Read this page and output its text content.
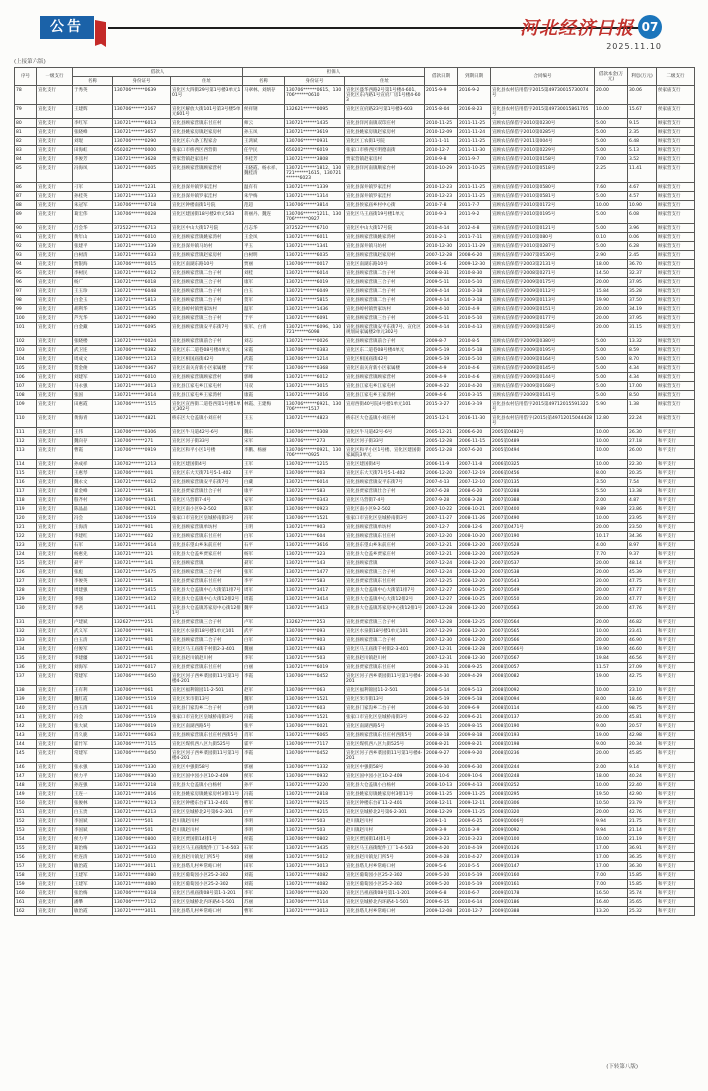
公告	河北经济日报 07
2025.11.10
(上接第六版)
序号	一级支行	借款人			担保人			借款日期	到期日期	合同编号	借款本金(万元)	利息(万元)	二级支行
		名称	身份证号	住址	名称	身份证号	住址						
78	宣化支行	于秀英	130706******0639	宣化区大四街29号第1号楼3单元101号	马翠林、刘炳存	130706******0615、130706******0610	宣化区盛华西路2号第1号楼4-601、宣化区东内路1号宣府厂房1号楼4-603	2015-9-9	2016-9-2	宣化县农村信用借字2015第49730015730074号	20.00	30.06	侯家庙支行
79	宣化支行	王建辉	130706******2167	宣化区解放大街101号第3号楼5单元601号	侯祥钢	132621******0095	宣化区宣府路23号第1号楼3-603	2015-8-04	2016-8-23	宣化县农村信用借字2015第49730015861705号	10.00	15.67	侯家庙支行
80	宣化支行	李红军	130721******6013	宣化县顾家营镇东甘庄村	师云	130721******1435	宣化县洋河南镇双印庄村	2010-11-25	2011-11-25	宣顾农信保借字2010第0230号	5.00	9.15	顾家营支行
81	宣化支行	张晓峰	130721******3657	宣化县姚家房镇赵家房村	孙玉凤	130721******3619	宣化县姚家房镇赵家房村	2010-12-09	2011-11-24	宣顾农信保借字2010第0285号	5.00	2.35	顾家营支行
82	宣化支行	刘琨	130706******0290	宣化区东六条工程家舍	王鸿斌	130706******0931	宣化区工农街1号院	2011-1-11	2011-11-25	宣顾农信保借字2011第004号	5.00	6.48	顾家营支行
83	宣化支行	田海虹	650202******0000	张家口市桥西区西营街	任学民	650202******6019	张家口市桥西区明德南街	2010-12-7	2011-11-30	宣顾农信保借字2010第0229号	5.00	5.13	顾家营支行
84	宣化支行	李俊芳	130721******3628	贾家营镇赵家房村	李桂芳	130721******3808	贾家营镇赵家房村	2010-9-8	2011-9-7	宣顾农信保借字2010第0158号	7.00	3.52	顾家营支行
85	宣化支行	冯海凤	130721******6005	宣化县顾家营镇顾家营村	王晓霞、杨永祥、魏桂清	130721******1812、130721******1615、130721******6023	宣化县洋河南镇顺家台村	2010-10-29	2011-10-25	宣顾农信保借字2010第0518号	2.25	11.41	顾家营支行
86	宣化支行	刁军	130721******1231	宣化县深井镇罗家洼村	温有有	130721******1339	宣化县深井镇罗家洼村	2010-12-23	2011-11-25	宣顾农信保借字2010第0580号	7.60	4.67	顾家营支行
87	宣化支行	孙桂英	130721******1333	宣化县深井镇罗家洼村	朱学梅	130721******1314	宣化县深井镇罗家洼村	2010-12-23	2011-11-25	宣顾农信保借字2010第0581号	5.00	4.57	顾家营支行
88	宣化支行	朱冠军	130706******0718	宣化区钟楼南街1号院	范超	130706******3814	宣化县侯家庙乡村中心街	2010-7-8	2011-7-7	宣顾农信保借字2010第0172号	10.00	10.90	顾家营支行
89	宣化支行	葛宏伟	130706******0028	宣化区建国街18号楼2单元503	蒋丽丹、魏连	130706******1211、130706******0927	宣化区马王庙街19号楼1单元	2010-9-3	2011-9-2	宣顾农信保借字2010第0195号	5.00	6.08	顾家营支行
90	宣化支行	吕会华	372522******6713	宣化区中山大街17号院	吕志华	372522******6710	宣化区中山大街17号院	2010-4-14	2012-4-8	宣顾农信保借字2010第0121号	5.00	3.96	顾家营支行
91	宣化支行	黄年山	130721******6010	宣化县顾家营镇姚家湾村	王金凤	130721******6011	宣化县顾家营镇姚家湾村	2010-2-1	2011-7-11	宣顾农信保借字2010第080号	0.10	0.06	顾家营支行
92	宣化支行	张建平	130721******1339	宣化县深井镇马坊村	平玉	130721******1341	宣化县深井镇马坊村	2010-12-30	2011-11-29	宣顾农信保借字2010第0287号	5.00	6.28	顾家营支行
93	宣化支行	白树清	130721******6033	宣化县顾家营镇赵家房村	白树明	130721******6035	宣化县顾家营镇赵家房村	2007-12-28	2008-6-20	宣顾农信保借字2007第0530号	2.90	2.45	顾家营支行
94	宣化支行	贾银海	130706******0015	宣化区南湖东路10号	贾丽	130706******0017	宣化区南湖东路10号	2009-1-6	2009-12-30	宣顾农信保借字2003第2131号	18.00	36.70	顾家营支行
95	宣化支行	李树民	130721******6012	宣化县顾家营镇二台子村	刘桂	130721******6014	宣化县顾家营镇二台子村	2008-8-31	2010-8-30	宣顾农信保借字2008第0271号	14.50	32.37	顾家营支行
96	宣化支行	杨广	130721******6018	宣化县顾家营镇三合子村	康军	130721******6019	宣化县顾家营镇三合子村	2009-5-11	2010-5-10	宣顾农信保借字2009第0175号	20.00	37.95	顾家营支行
97	宣化支行	王玉珍	130721******6048	宣化县顾家营镇二台子村	白玉	130721******6049	宣化县顾家营镇二台子村	2009-4-14	2010-3-18	宣顾农信保借字2009第0112号	15.84	35.28	顾家营支行
98	宣化支行	白金玉	130721******5813	宣化县顾家营镇二台子村	贺军	130721******5815	宣化县顾家营镇二台子村	2009-4-14	2010-3-18	宣顾农信保借字2009第0113号	19.90	37.50	顾家营支行
99	宣化支行	胡利华	130721******1435	宣化县崞村镇贾家坊村	温军	130721******1436	宣化县崞村镇贾家坊村	2009-4-10	2010-4-9	宣顾农信保借字2009第0151号	20.00	34.19	顾家营支行
100	宣化支行	芦光华	130721******6090	宣化县顾家营镇三台子村	于平	130721******6091	宣化县顾家营镇三台子村	2009-5-11	2010-5-10	宣顾农信保借字2009第0177号	20.00	37.95	顾家营支行
101	宣化支行	白金藏	130721******6095	宣化县顾家营镇安平东街7号	张军、白青	130721******6096、130721******6098	宣化县顾家营镇安平东街7号、宣化区规划局家属楼2单元302号	2009-4-14	2010-4-13	宣顾农信保借字2009第0158号	20.00	31.15	顾家营支行
102	宣化支行	张晓楼	130721******0024	宣化县顾家营镇前合子村	刘志	130721******0026	宣化县顾家营镇前合子村	2009-8-7	2010-8-5	宣顾农信保借字2009第0380号	5.00	13.32	顾家营支行
103	宣化支行	武卫连	130706******0382	宣化区东二道巷08号楼4单元	宋霞	130706******0383	宣化区东二道巷08号楼4单元	2009-5-19	2010-5-18	宣顾农信保借字2009第0195号	5.00	8.59	顾家营支行
104	宣化支行	周成文	130706******1213	宣化区相国庙街42号	武霞	130706******1214	宣化区相国庙街42号	2009-5-19	2010-5-10	宣顾农信保借字2009第0164号	5.00	8.70	顾家营支行
105	宣化支行	贺金俊	130706******0367	宣化区南关育新小区家属楼	于军	130706******0368	宣化区南关育新小区家属楼	2009-4-9	2010-4-6	宣顾农信保借字2009第0145号	5.00	4.34	顾家营支行
106	宣化支行	刘建军	130721******6010	宣化县顾家营镇顾家营村	郭峰	130721******6012	宣化县顾家营镇顾家营村	2009-4-9	2010-4-6	宣顾农信保借字2009第0144号	5.00	4.34	顾家营支行
107	宣化支行	马永强	130721******3013	宣化县江家屯乡江家屯村	马双	130721******3015	宣化县江家屯乡江家屯村	2009-4-22	2010-4-20	宣顾农信保借字2009第0168号	5.00	17.00	顾家营支行
108	宣化支行	张国	130721******3014	宣化县江家屯乡王家湾村	康霞	130721******3016	宣化县江家屯乡王家湾村	2009-4-6	2010-3-15	宣顾农信保借字2009第0141号	5.00	8.50	顾家营支行
109	宣化支行	田惠霞	130706******1515	宣化区宣西街二道巷西第1号楼1单元302号	林霞、王建梅	130706******6921、130706******1517	宣府西街40号院4号楼1单元101	2015-3-27	2016-3-19	宣化县农村信用借字2015第49712015591322号	5.90	1.38	顾家营支行
110	宣化支行	黄海青	130721******4821	桥东区大仓盖镇小刘庄村	王玉	130721******4823	桥东区大仓盖镇小刘庄村	2015-12-1	2016-11-30	宣化县农村信用借字(2015)第49712015044428号	12.80	22.24	顾家营支行
111	宣化支行	王伟	130706******0306	宣化区牛马道42号-6号	魏东	130706******0308	宣化区牛马道42号-6号	2005-12-21	2006-6-20	2005第0482号	10.00	26.30	和平支行
112	宣化支行	魏向存	130706******271	宣化区河子街33号	宋军	130706******273	宣化区河子街33号	2005-12-28	2006-11-15	2005第0489	10.00	27.18	和平支行
113	宣化支行	曹霞	130706******0919	宣化区和平小区1号楼	李鹏、杨丽	130706******0921、130706******0925	宣化区和平小区1号楼、宣化区建国街家属院3单元	2005-12-28	2007-6-20	2005第0494	10.00	26.00	和平支行
114	宣化支行	孙成祥	130702******1213	宣化区建国街4号	王军	130702******1215	宣化区建国街4号	2006-11-9	2007-11-8	2006第0325	10.00	22.30	和平支行
115	宣化支行	王惠琴	130706******001	宣化区东大天街71号5-1-402	王平	130706******003	宣化区东大天街71号5-1-402	2006-12-20	2007-12-19	2006第0456	8.00	20.35	和平支行
116	宣化支行	魏永文	130721******6012	宣化县顾家营镇安平东街7号	白藏	130721******6014	宣化县顾家营镇安平东街7号	2007-4-13	2007-12-10	2007第0135	3.50	7.54	和平支行
117	宣化支行	翟金峰	130721******581	宣化县贾家营镇仕合子村	康平	130721******583	宣化县贾家营镇仕合子村	2007-6-28	2008-6-20	2007第0288	5.50	13.38	和平支行
118	宣化支行	殷齐村	130706******0341	宣化区马营街7-4号	安军	130706******0343	宣化区马营街7-4号	2007-9-28	2008-3-28	2007第0388	2.00	4.87	和平支行
119	宣化支行	陈晶晶	130706******0921	宣化区南小区9-2-502	陈军	130706******0923	宣化区南小区9-2-502	2007-10-22	2008-10-21	2007第0400	9.89	23.86	和平支行
120	宣化支行	冯会	130706******1519	张家口市宣化区皇城桥南街3号	冯军	130706******1521	张家口市宣化区皇城桥南街3号	2007-11-27	2008-11-26	2007第0490	10.00	23.95	和平支行
121	宣化支行	王海清	130721******901	宣化县顾家营镇单坊村	王明	130721******903	宣化县顾家营镇单坊村	2007-12-7	2008-12-6	2007第0471号	20.00	23.50	和平支行
122	宣化支行	李建红	130721******602	宣化县顾家营镇东甘庄村	白军	130721******604	宣化县顾家营镇东甘庄村	2007-12-20	2008-10-20	2007第0190	10.17	34.36	和平支行
123	宣化支行	石军	130721******3614	宣化县东望山乡朱前庄村	石平	130721******3616	宣化县东望山乡朱前庄村	2007-12-21	2008-12-20	2007第0528	4.00	8.97	和平支行
124	宣化支行	杨惠先	130721******321	宣化县大仓盖乡贾家庄村	杨军	130721******323	宣化县大仓盖乡贾家庄村	2007-12-21	2008-12-20	2007第0529	7.70	9.37	和平支行
125	宣化支行	聂平	130721******141	宣化县顾家营镇	聂军	130721******143	宣化县顾家营镇	2007-12-24	2008-12-20	2007第0537	20.00	48.14	和平支行
126	宣化支行	张彪	130721******1475	宣化县顾家营镇三合子村	张军	130721******1477	宣化县顾家营镇三合子村	2007-12-24	2008-12-20	2007第0538	20.00	45.39	和平支行
127	宣化支行	李俊英	130721******581	宣化县贾家营镇东甘庄村	李平	130721******583	宣化县贾家营镇东甘庄村	2007-12-25	2008-12-20	2007第0543	20.00	47.75	和平支行
128	宣化支行	周建强	130721******3415	宣化县大仓盖镇中心大街第1排7号	周军	130721******3417	宣化县大仓盖镇中心大街第1排7号	2007-12-27	2008-10-25	2007第0549	20.00	47.77	和平支行
129	宣化支行	李强	130721******3412	宣化县大仓盖镇中心大街12排2号	周霞	130721******3414	宣化县大仓盖镇中心大街12排2号	2007-12-27	2008-10-25	2007第0550	20.00	47.77	和平支行
130	宣化支行	李君	130721******3411	宣化县大仓盖镇苏家房中心街12排1号	魏平	130721******3413	宣化县大仓盖镇苏家房中心街12排1号	2007-12-28	2008-12-20	2007第0563	20.00	47.76	和平支行
131	宣化支行	卢建斌	132627******251	宣化县贾家营镇三合子村	卢军	132627******253	宣化县贾家营镇三合子村	2007-12-28	2008-12-25	2007第0564	20.00	46.82	和平支行
132	宣化支行	武义军	130706******091	宣化区水泉街18号楼1单元101	武平	130706******093	宣化区水泉街18号楼1单元101	2007-12-29	2008-12-20	2007第0565	10.00	23.41	和平支行
133	宣化支行	白玉清	130721******901	宣化县顾家营镇二合子村	白军	130721******903	宣化县顾家营镇二合子村	2007-12-30	2008-12-20	2007第0566	20.00	46.90	和平支行
134	宣化支行	付俊军	130721******481	宣化区马王庙街千村街2-3-401	魏丽	130721******483	宣化区马王庙街千村街2-3-401	2007-12-31	2008-12-28	2007第0566号	19.90	46.60	和平支行
135	宣化支行	李建疆	130721******501	宣化县赵川镇赵川村	李军	130721******503	宣化县赵川镇赵川村	2007-12-31	2008-12-30	2007第0567	19.84	46.56	和平支行
136	宣化支行	刘海军	130721******6017	宣化县贾家营镇东甘庄村	白丽	130721******6019	宣化县贾家营镇东甘庄村	2008-3-31	2008-9-25	2008第0057	11.57	27.09	和平支行
137	宣化支行	常建军	130706******0450	宣化区河子西乡菜园街11号第1号楼4-201	李霞	130706******0452	宣化区河子西乡菜园街11号第1号楼4-201	2008-4-30	2009-4-29	2008第0082	19.00	42.75	和平支行
138	宣化支行	王有利	130706******061	宣化区福利锦园11-2-501	赵军	130706******063	宣化区福利锦园11-2-501	2008-5-14	2009-5-13	2008第0092	10.00	23.10	和平支行
139	宣化支行	魏红霞	130706******1519	宣化区米市街13号	魏军	130706******1521	宣化区米市街13号	2008-5-19	2009-5-18	2008第0094	8.00	18.46	和平支行
140	宣化支行	白玉清	130721******601	宣化县门家沟乡二台子村	白明	130721******603	宣化县门家沟乡二台子村	2008-6-10	2009-6-9	2008第0114	43.00	98.75	和平支行
141	宣化支行	冯会	130706******1519	张家口市宣化区皇城桥南街3号	冯霞	130706******1521	张家口市宣化区皇城桥南街3号	2008-6-22	2009-6-21	2008第0137	20.00	45.81	和平支行
142	宣化支行	张大斌	130706******0019	宣化区南湖西路5号	张平	130706******0021	宣化区南湖西路5号	2008-8-15	2009-8-15	2008第0190	9.00	20.57	和平支行
143	宣化支行	肖久鹿	130721******6063	宣化县顾家营镇东甘庄村西街5号	肖军	130721******6065	宣化县顾家营镇东甘庄村西街5号	2008-8-18	2009-8-18	2008第0193	19.00	42.98	和平支行
144	宣化支行	霍竹军	130706******7115	宣化区煤机西八区九街525号	霍平	130706******7117	宣化区煤机西八区九街525号	2008-8-21	2009-8-21	2008第0198	9.00	20.34	和平支行
145	宣化支行	常建军	130706******0450	宣化区河子西乡菜园街11号第1号楼4-201	李霞	130706******0452	宣化区河子西乡菜园街11号第1号楼4-201	2008-9-27	2009-9-20	2008第0236	20.00	45.85	和平支行
146	宣化支行	张永强	130706******1330	宣化区中强街58号	郭丽	130706******1332	宣化区中强街58号	2008-9-30	2009-6-30	2008第0244	2.00	9.14	和平支行
147	宣化支行	侯力平	130706******0930	宣化区国中园小区10-2-409	侯军	130706******0932	宣化区国中园小区10-2-409	2008-10-6	2009-10-6	2008第0248	18.00	40.24	和平支行
148	宣化支行	孙连强	130721******3218	宣化县大仓盖镇小白杨村	孙平	130721******3220	宣化县大仓盖镇小白杨村	2008-10-13	2009-4-13	2008第0252	10.00	22.40	和平支行
149	宣化支行	王连一	130721******2816	宣化县姚家房镇姚家房村3排11号	冯霞	130721******2818	宣化县姚家房镇姚家房村3排11号	2008-11-25	2009-11-25	2008第0295	19.50	42.90	和平支行
150	宣化支行	张俊林	130721******9213	宣化区钟楼东台矿11-2-401	曹军	130721******9215	宣化区钟楼东台矿11-2-401	2008-12-11	2009-12-11	2008第0306	10.50	23.79	和平支行
151	宣化支行	白玉贵	130721******4213	宣化区皇城桥北2号第6-2-301	白平	130721******4215	宣化区皇城桥北2号第6-2-301	2008-12-29	2009-11-25	2008第0320	20.00	42.76	和平支行
152	宣化支行	李国斌	130721******501	赵川镇赵川村	李明	130721******503	赵川镇赵川村	2009-1-1	2009-6-25	2009第0006号	9.94	21.75	和平支行
153	宣化支行	李国斌	130721******501	赵川镇赵川村	李明	130721******503	赵川镇赵川村	2009-3-9	2010-3-9	2009第0092	9.94	21.14	和平支行
154	宣化支行	侯力平	130706******0800	宣化区贾国街14排1号	侯霞	130706******0802	宣化区贾国街14排1号	2009-3-23	2010-3-23	2009第0100	10.00	21.19	和平支行
155	宣化支行	葛治梅	130721******3433	宣化区马王庙街配件工厂1-4-503	石军	130721******3435	宣化区马王庙街配件工厂1-4-503	2009-4-20	2010-4-19	2009第0126	17.00	36.91	和平支行
156	宣化支行	杜连清	130721******5010	宣化县赵川镇龙门所5号	刘丽	130721******5012	宣化县赵川镇龙门所5号	2009-4-28	2010-4-27	2009第0139	17.00	36.35	和平支行
157	宣化支行	敏治霞	130721******3011	宣化县塔儿村乡常峪口村	田军	130721******3013	宣化县塔儿村乡常峪口村	2009-5-6	2010-5-5	2009第0147	17.00	36.30	和平支行
158	宣化支行	王建军	130721******4080	宣化区葡萄园小区25-2-302	刘霞	130721******4082	宣化区葡萄园小区25-2-302	2009-5-20	2010-5-19	2009第0160	7.00	15.85	和平支行
159	宣化支行	王建军	130721******4080	宣化区葡萄园小区25-2-302	刘霞	130721******4082	宣化区葡萄园小区25-2-302	2009-5-20	2010-5-19	2009第0161	7.00	15.85	和平支行
160	宣化支行	张治梅	130706******0318	宣化区吕祖庙街08号第1-1-201	李军	130706******0320	宣化区吕祖庙街08号第1-1-201	2009-6-8	2010-6-7	2009第0178	16.50	35.74	和平支行
161	宣化支行	潘攀	130706******7112	宣化区皇城桥北内环路4-1-501	苏丽	130706******7114	宣化区皇城桥北内环路4-1-501	2009-6-15	2010-6-14	2009第0186	16.40	35.65	和平支行
162	宣化支行	敏治霞	130721******3011	宣化县塔儿村乡常峪口村	曹军	130721******3013	宣化县塔儿村乡常峪口村	2009-12-08	2010-12-7	2009第0388	13.20	25.32	和平支行
(下转第八版)
